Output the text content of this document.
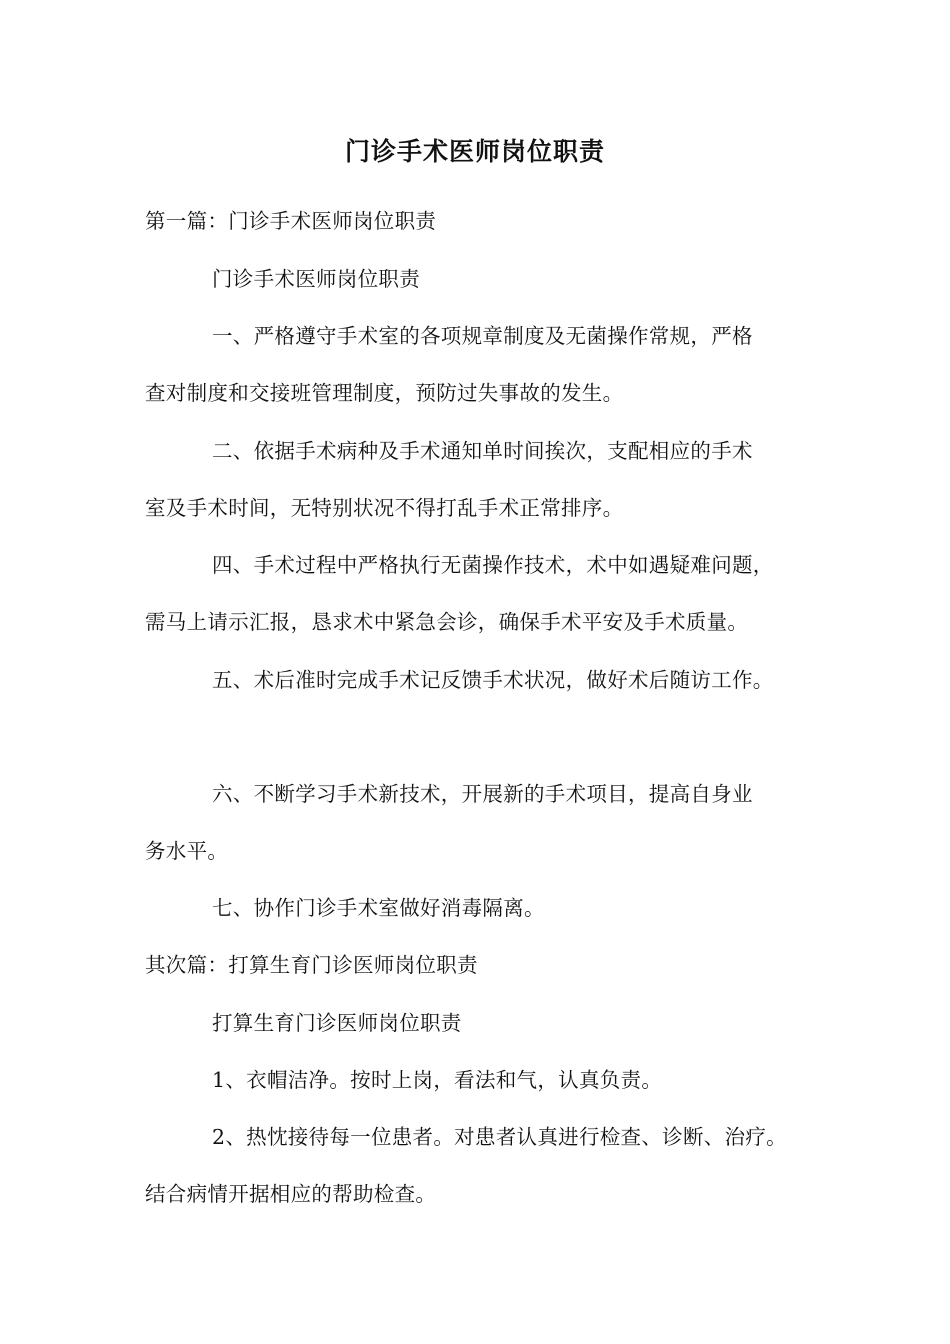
门诊手术医师岗位职责
第一篇：门诊手术医师岗位职责
门诊手术医师岗位职责
一、严格遵守手术室的各项规章制度及无菌操作常规，严格
查对制度和交接班管理制度，预防过失事故的发生。
二、依据手术病种及手术通知单时间挨次，支配相应的手术
室及手术时间，无特别状况不得打乱手术正常排序。
四、手术过程中严格执行无菌操作技术，术中如遇疑难问题，
需马上请示汇报，恳求术中紧急会诊，确保手术平安及手术质量。
五、术后准时完成手术记反馈手术状况，做好术后随访工作。
六、不断学习手术新技术，开展新的手术项目，提高自身业
务水平。
七、协作门诊手术室做好消毒隔离。
其次篇：打算生育门诊医师岗位职责
打算生育门诊医师岗位职责
1、衣帽洁净。按时上岗，看法和气，认真负责。
2、热忱接待每一位患者。对患者认真进行检查、诊断、治疗。
结合病情开据相应的帮助检查。
